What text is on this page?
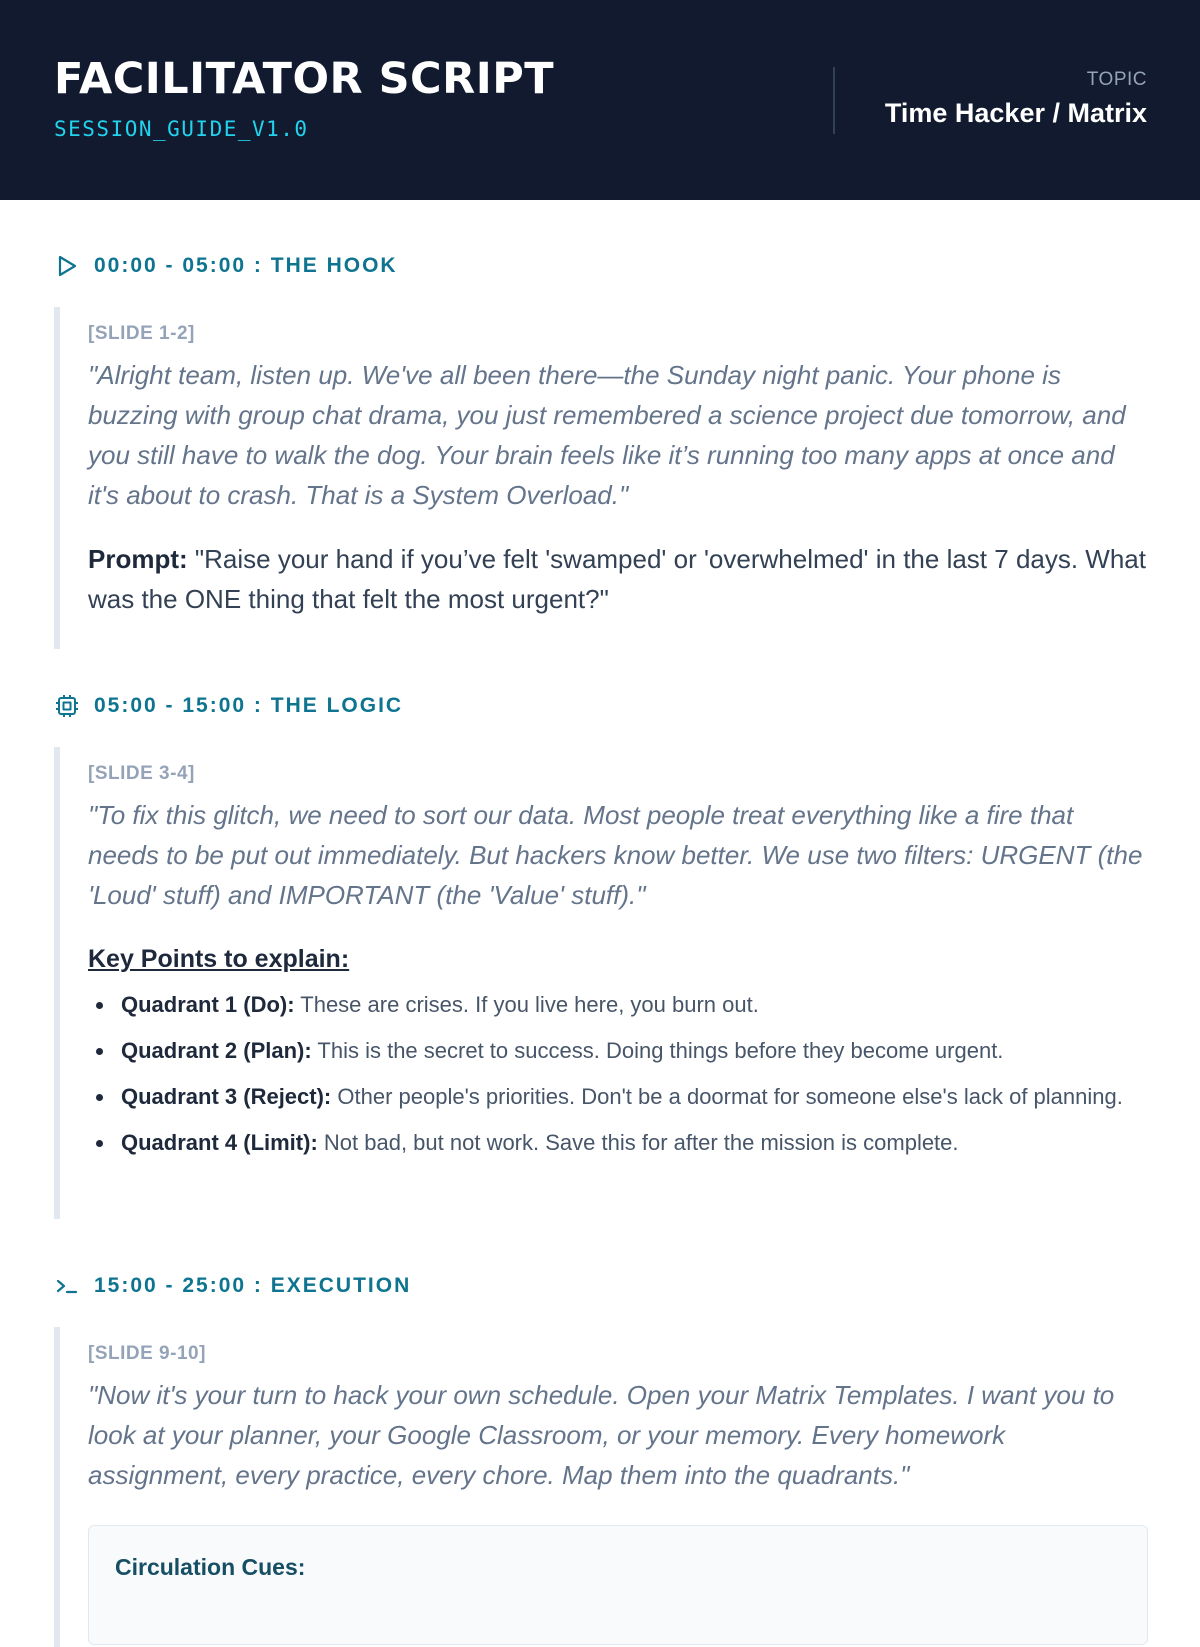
FACILITATOR SCRIPT
SESSION_GUIDE_V1.0
TOPIC
Time Hacker / Matrix
00:00 - 05:00 : THE HOOK
[SLIDE 1-2]
"Alright team, listen up. We've all been there—the Sunday night panic. Your phone is buzzing with group chat drama, you just remembered a science project due tomorrow, and you still have to walk the dog. Your brain feels like it’s running too many apps at once and it's about to crash. That is a System Overload."
Prompt: "Raise your hand if you’ve felt 'swamped' or 'overwhelmed' in the last 7 days. What was the ONE thing that felt the most urgent?"
05:00 - 15:00 : THE LOGIC
[SLIDE 3-4]
"To fix this glitch, we need to sort our data. Most people treat everything like a fire that needs to be put out immediately. But hackers know better. We use two filters: URGENT (the 'Loud' stuff) and IMPORTANT (the 'Value' stuff)."
Key Points to explain:
Quadrant 1 (Do): These are crises. If you live here, you burn out.
Quadrant 2 (Plan): This is the secret to success. Doing things before they become urgent.
Quadrant 3 (Reject): Other people's priorities. Don't be a doormat for someone else's lack of planning.
Quadrant 4 (Limit): Not bad, but not work. Save this for after the mission is complete.
15:00 - 25:00 : EXECUTION
[SLIDE 9-10]
"Now it's your turn to hack your own schedule. Open your Matrix Templates. I want you to look at your planner, your Google Classroom, or your memory. Every homework assignment, every practice, every chore. Map them into the quadrants."
Circulation Cues:
